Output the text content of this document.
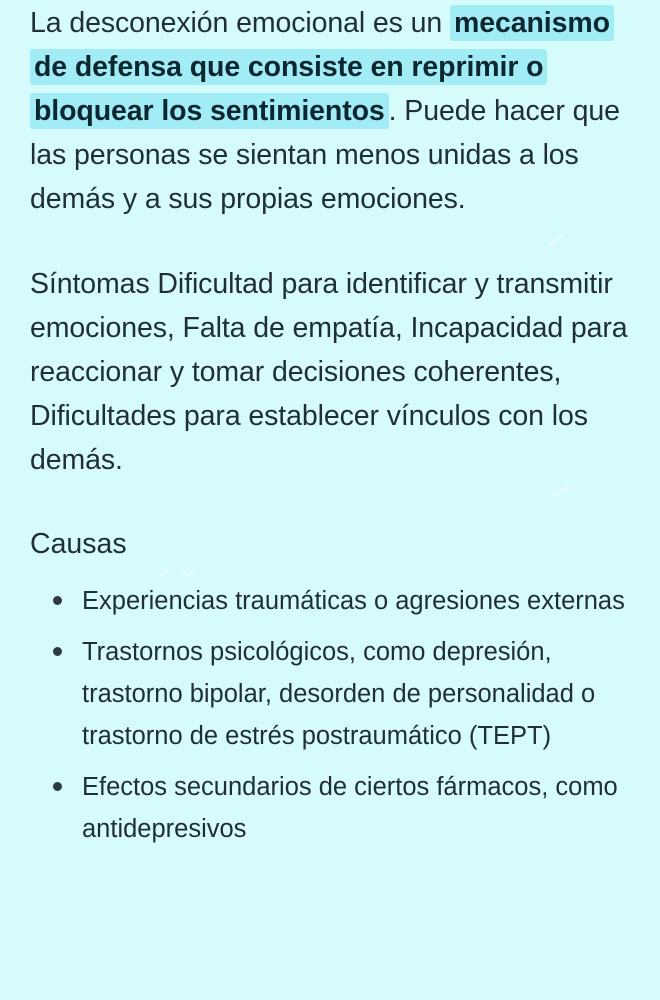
La desconexión emocional es un mecanismo de defensa que consiste en reprimir o bloquear los sentimientos . Puede hacer que las personas se sientan menos unidas a los demás y a sus propias emociones.

Síntomas Dificultad para identificar y transmitir emociones, Falta de empatía, Incapacidad para reaccionar y tomar decisiones coherentes, Dificultades para establecer vínculos con los demás.

Causas
Experiencias traumáticas o agresiones externas
Trastornos psicológicos, como depresión, trastorno bipolar, desorden de personalidad o trastorno de estrés postraumático (TEPT)
Efectos secundarios de ciertos fármacos, como antidepresivos
